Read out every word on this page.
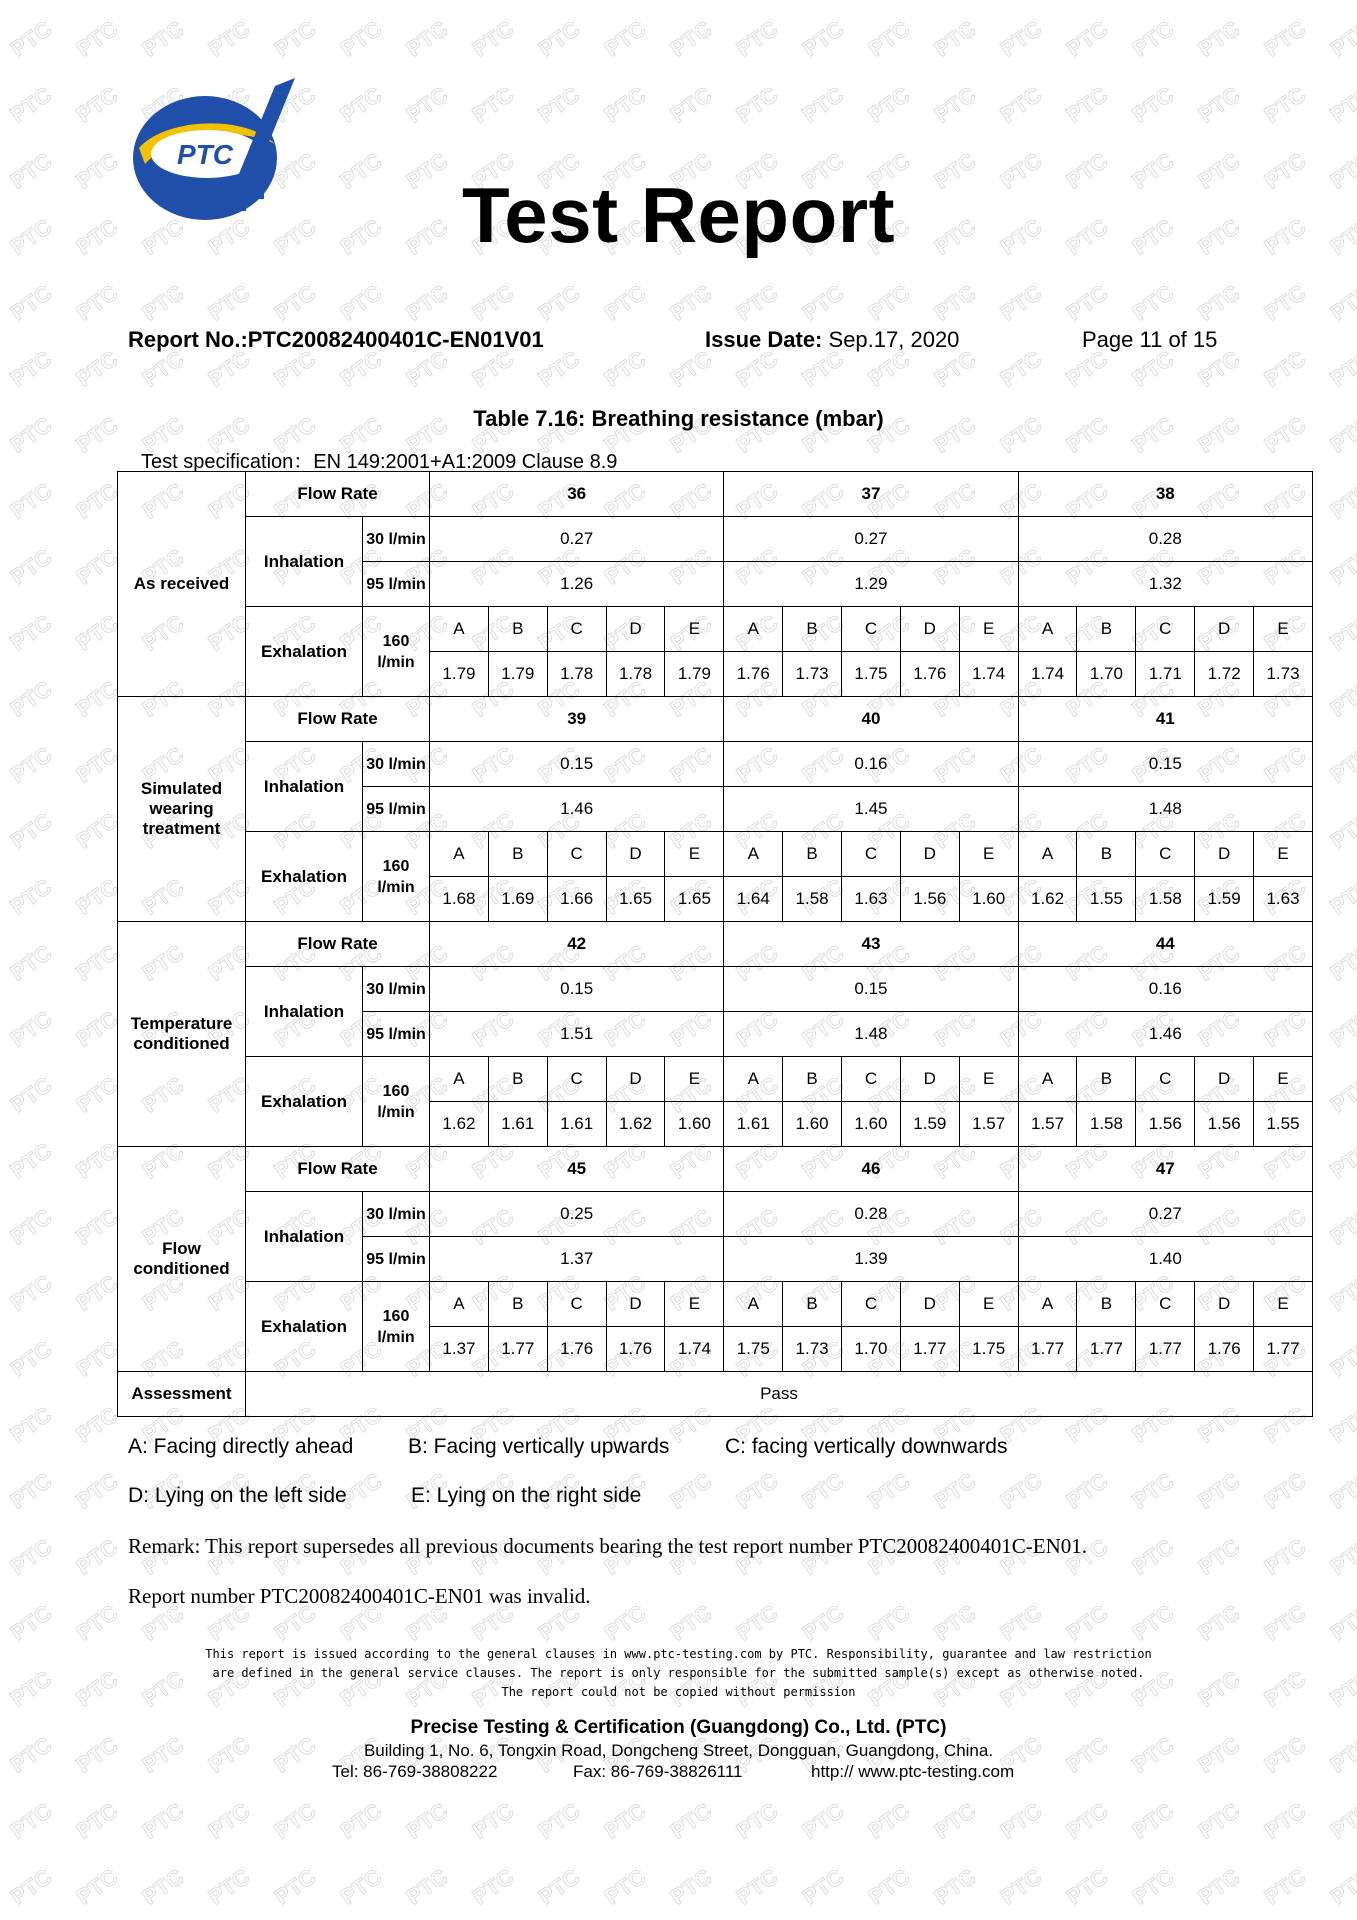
PTC
Test Report
Report No.:PTC20082400401C-EN01V01	Issue Date: Sep.17, 2020	Page 11 of 15
Table 7.16: Breathing resistance (mbar)
Test specification：EN 149:2001+A1:2009 Clause 8.9
As received	Flow Rate		36					37					38				
	Inhalation	30 l/min	0.27					0.27					0.28				
		95 l/min	1.26					1.29					1.32				
	Exhalation	160 l/min	A	B	C	D	E	A	B	C	D	E	A	B	C	D	E
			1.79	1.79	1.78	1.78	1.79	1.76	1.73	1.75	1.76	1.74	1.74	1.70	1.71	1.72	1.73
Simulated wearing treatment	Flow Rate		39					40					41				
	Inhalation	30 l/min	0.15					0.16					0.15				
		95 l/min	1.46					1.45					1.48				
	Exhalation	160 l/min	A	B	C	D	E	A	B	C	D	E	A	B	C	D	E
			1.68	1.69	1.66	1.65	1.65	1.64	1.58	1.63	1.56	1.60	1.62	1.55	1.58	1.59	1.63
Temperature conditioned	Flow Rate		42					43					44				
	Inhalation	30 l/min	0.15					0.15					0.16				
		95 l/min	1.51					1.48					1.46				
	Exhalation	160 l/min	A	B	C	D	E	A	B	C	D	E	A	B	C	D	E
			1.62	1.61	1.61	1.62	1.60	1.61	1.60	1.60	1.59	1.57	1.57	1.58	1.56	1.56	1.55
Flow conditioned	Flow Rate		45					46					47				
	Inhalation	30 l/min	0.25					0.28					0.27				
		95 l/min	1.37					1.39					1.40				
	Exhalation	160 l/min	A	B	C	D	E	A	B	C	D	E	A	B	C	D	E
			1.37	1.77	1.76	1.76	1.74	1.75	1.73	1.70	1.77	1.75	1.77	1.77	1.77	1.76	1.77
Assessment	Pass																
A: Facing directly ahead	B: Facing vertically upwards	C: facing vertically downwards
D: Lying on the left side	E: Lying on the right side
Remark: This report supersedes all previous documents bearing the test report number PTC20082400401C-EN01.
Report number PTC20082400401C-EN01 was invalid.
This report is issued according to the general clauses in www.ptc-testing.com by PTC. Responsibility, guarantee and law restriction
are defined in the general service clauses. The report is only responsible for the submitted sample(s) except as otherwise noted.
The report could not be copied without permission
Precise Testing & Certification (Guangdong) Co., Ltd. (PTC)
Building 1, No. 6, Tongxin Road, Dongcheng Street, Dongguan, Guangdong, China.
Tel: 86-769-38808222	Fax: 86-769-38826111	http:// www.ptc-testing.com
